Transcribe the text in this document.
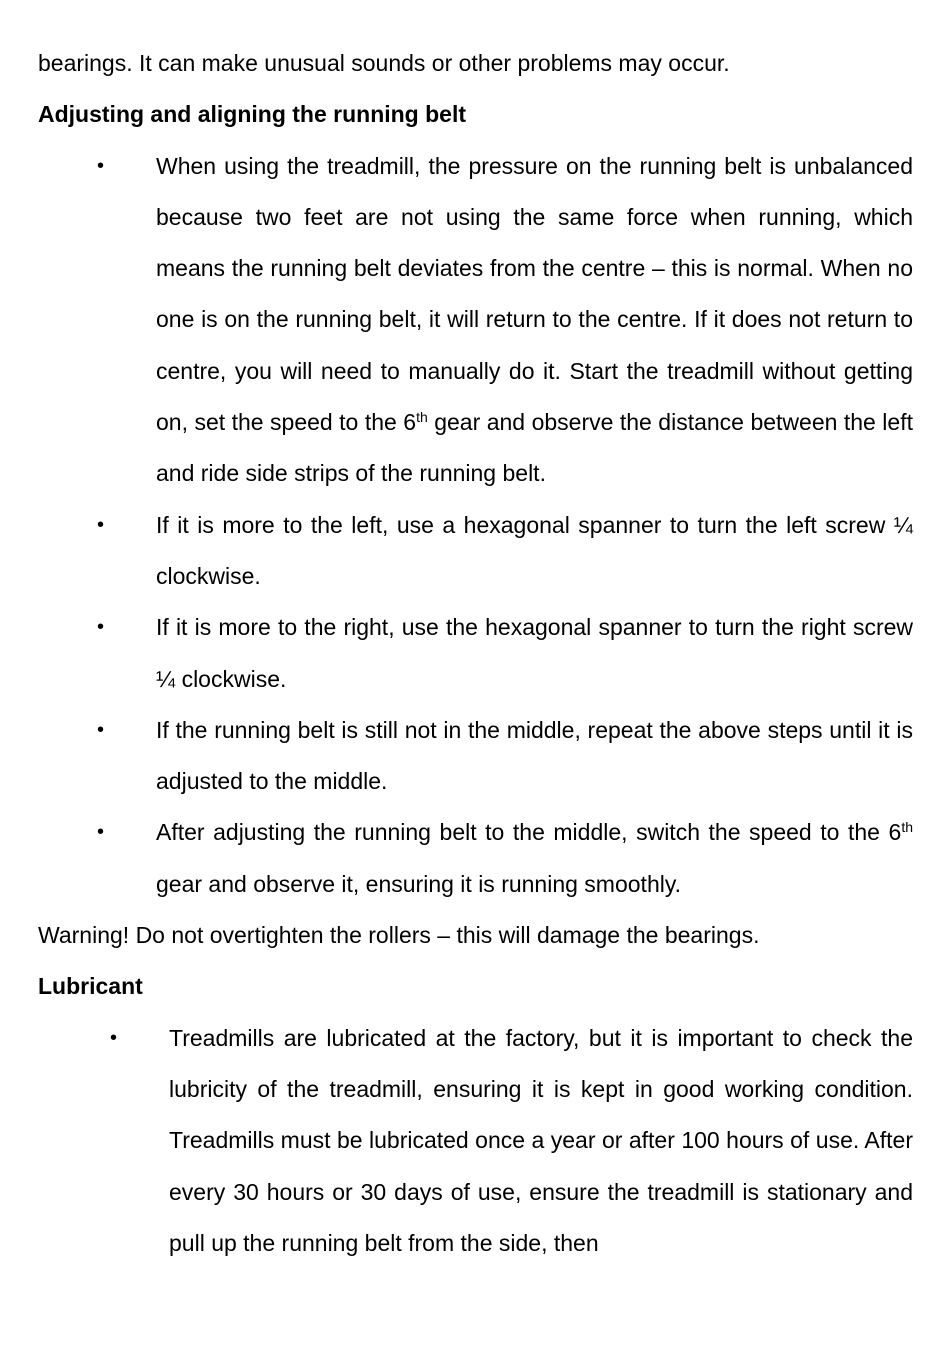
bearings. It can make unusual sounds or other problems may occur.

Adjusting and aligning the running belt

• When using the treadmill, the pressure on the running belt is unbalanced because two feet are not using the same force when running, which means the running belt deviates from the centre – this is normal. When no one is on the running belt, it will return to the centre. If it does not return to centre, you will need to manually do it. Start the treadmill without getting on, set the speed to the 6th gear and observe the distance between the left and ride side strips of the running belt.
• If it is more to the left, use a hexagonal spanner to turn the left screw ¼ clockwise.
• If it is more to the right, use the hexagonal spanner to turn the right screw ¼ clockwise.
• If the running belt is still not in the middle, repeat the above steps until it is adjusted to the middle.
• After adjusting the running belt to the middle, switch the speed to the 6th gear and observe it, ensuring it is running smoothly.

Warning! Do not overtighten the rollers – this will damage the bearings.

Lubricant

• Treadmills are lubricated at the factory, but it is important to check the lubricity of the treadmill, ensuring it is kept in good working condition. Treadmills must be lubricated once a year or after 100 hours of use. After every 30 hours or 30 days of use, ensure the treadmill is stationary and pull up the running belt from the side, then
